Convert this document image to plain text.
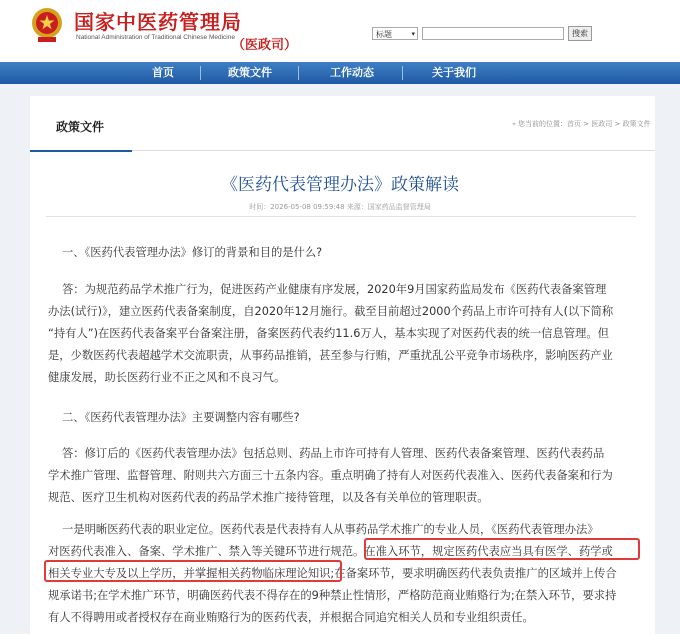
国家中医药管理局
National Administration of Traditional Chinese Medicine
（医政司）
标题	▾	搜索
首页	政策文件	工作动态	关于我们
政策文件	⌖ 您当前的位置：首页 > 医政司 > 政策文件
《医药代表管理办法》政策解读
时间：2026-05-08 09:59:48 来源：国家药品监督管理局
一、《医药代表管理办法》修订的背景和目的是什么?
答：为规范药品学术推广行为，促进医药产业健康有序发展，2020年9月国家药监局发布《医药代表备案管理
办法(试行)》，建立医药代表备案制度，自2020年12月施行。截至目前超过2000个药品上市许可持有人(以下简称
“持有人”)在医药代表备案平台备案注册，备案医药代表约11.6万人，基本实现了对医药代表的统一信息管理。但
是，少数医药代表超越学术交流职责，从事药品推销，甚至参与行贿，严重扰乱公平竞争市场秩序，影响医药产业
健康发展，助长医药行业不正之风和不良习气。
二、《医药代表管理办法》主要调整内容有哪些?
答：修订后的《医药代表管理办法》包括总则、药品上市许可持有人管理、医药代表备案管理、医药代表药品
学术推广管理、监督管理、附则共六方面三十五条内容。重点明确了持有人对医药代表准入、医药代表备案和行为
规范、医疗卫生机构对医药代表的药品学术推广接待管理，以及各有关单位的管理职责。
一是明晰医药代表的职业定位。医药代表是代表持有人从事药品学术推广的专业人员，《医药代表管理办法》
对医药代表准入、备案、学术推广、禁入等关键环节进行规范。在准入环节，规定医药代表应当具有医学、药学或
相关专业大专及以上学历，并掌握相关药物临床理论知识;在备案环节，要求明确医药代表负责推广的区域并上传合
规承诺书;在学术推广环节，明确医药代表不得存在的9种禁止性情形，严格防范商业贿赂行为;在禁入环节，要求持
有人不得聘用或者授权存在商业贿赂行为的医药代表，并根据合同追究相关人员和专业组织责任。
